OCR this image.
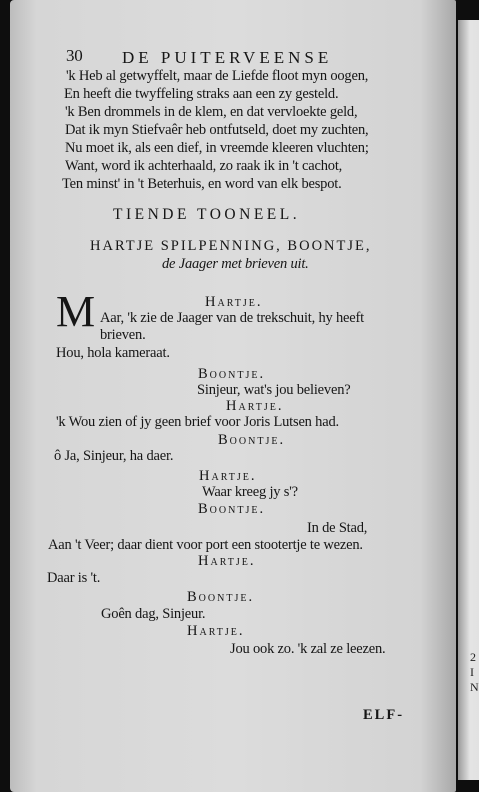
30 DE PUITERVEENSE
'k Heb al getwyffelt, maar de Liefde floot myn oogen,
En heeft die twyffeling straks aan een zy gesteld.
'k Ben drommels in de klem, en dat vervloekte geld,
Dat ik myn Stiefvaêr heb ontfutseld, doet my zuchten,
Nu moet ik, als een dief, in vreemde kleeren vluchten;
Want, word ik achterhaald, zo raak ik in 't cachot,
Ten minst' in 't Beterhuis, en word van elk bespot.
TIENDE TOONEEL.
HARTJE SPILPENNING, BOONTJE,
de Jaager met brieven uit.
Hartje.
M Aar, 'k zie de Jaager van de trekschuit, hy heeft
brieven.
Hou, hola kameraat.
Boontje.
Sinjeur, wat's jou believen?
Hartje.
'k Wou zien of jy geen brief voor Joris Lutsen had.
Boontje.
ô Ja, Sinjeur, ha daer.
Hartje.
Waar kreeg jy s'?
Boontje.
In de Stad,
Aan 't Veer; daar dient voor port een stootertje te wezen.
Hartje.
Daar is 't.
Boontje.
Goên dag, Sinjeur.
Hartje.
Jou ook zo. 'k zal ze leezen.
ELF-
2 I N
